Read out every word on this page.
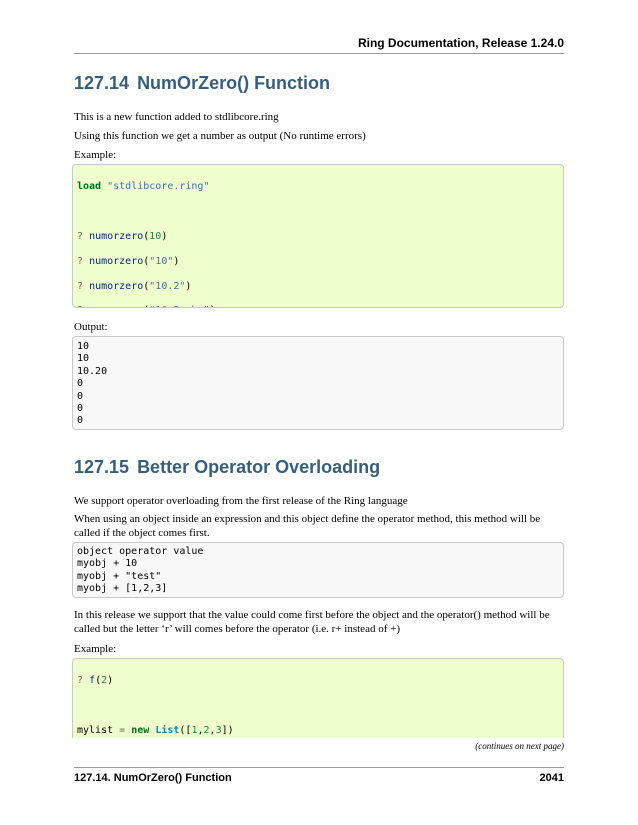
Ring Documentation, Release 1.24.0
127.14 NumOrZero() Function

This is a new function added to stdlibcore.ring

Using this function we get a number as output (No runtime errors)

Example:

load "stdlibcore.ring"

? numorzero(10)

? numorzero("10")

? numorzero("10.2")

Output:

10
10
10.20
0
0
0
0
127.15 Better Operator Overloading

We support operator overloading from the first release of the Ring language

When using an object inside an expression and this object define the operator method, this method will be called if the object comes first.

object operator value
myobj + 10
myobj + "test"
myobj + [1,2,3]

In this release we support that the value could come first before the object and the operator() method will be called but the letter ‘r’ will comes before the operator (i.e. r+ instead of +)

Example:

? f(2)

mylist = new List([1,2,3])

(continues on next page)
127.14. NumOrZero() Function	2041
